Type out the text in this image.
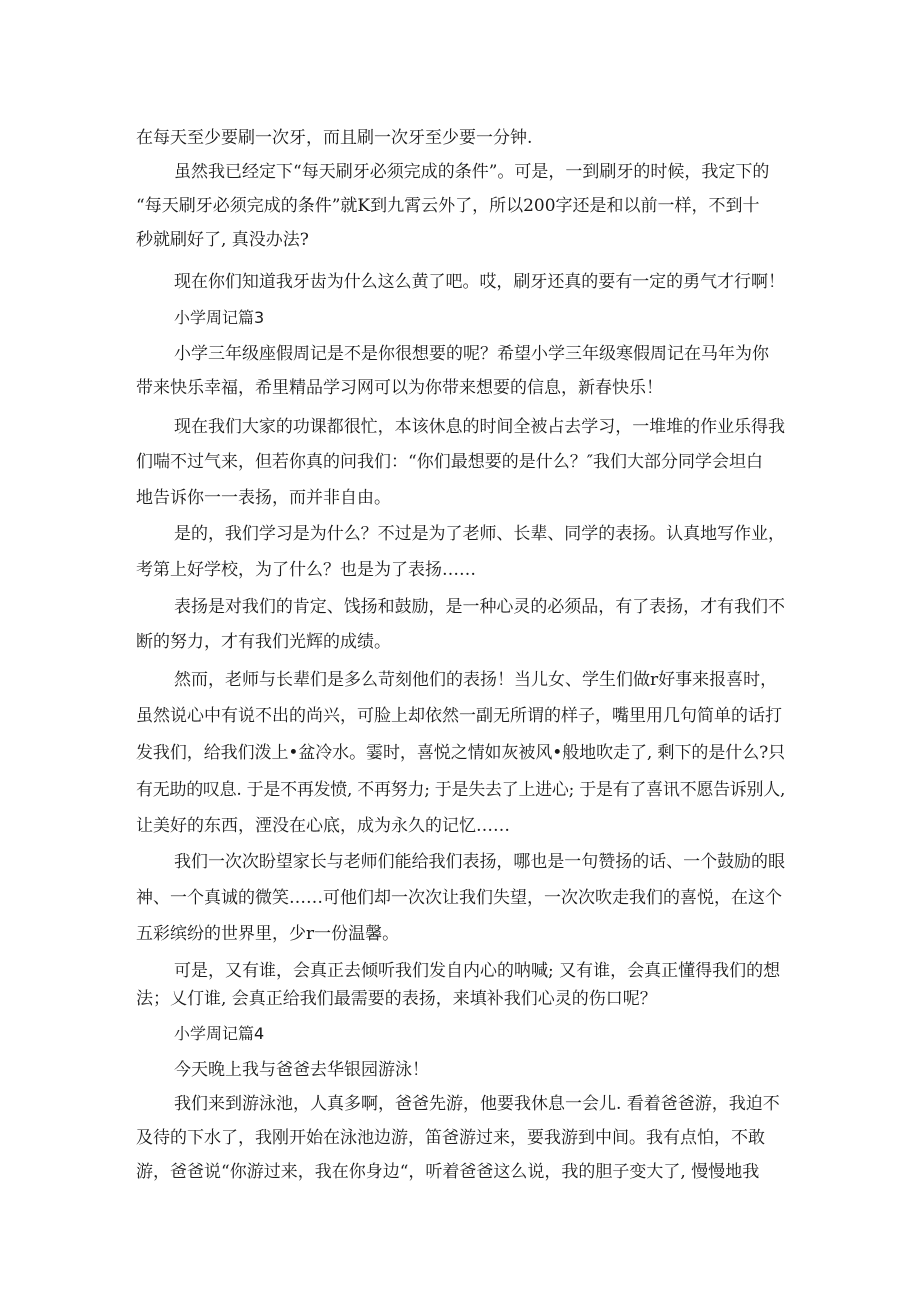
在每天至少要刷一次牙，而且刷一次牙至少要一分钟.
虽然我已经定下“每天刷牙必须完成的条件”。可是，一到刷牙的时候，我定下的
“每天刷牙必须完成的条件”就K到九霄云外了，所以200字还是和以前一样，不到十
秒就刷好了, 真没办法?
现在你们知道我牙齿为什么这么黄了吧。哎，刷牙还真的要有一定的勇气才行啊！
小学周记篇3
小学三年级座假周记是不是你很想要的呢？希望小学三年级寒假周记在马年为你
带来快乐幸福，希里精品学习网可以为你带来想要的信息，新春快乐！
现在我们大家的功课都很忙，本该休息的时间全被占去学习，一堆堆的作业乐得我
们喘不过气来，但若你真的问我们：“你们最想要的是什么？″我们大部分同学会坦白
地告诉你一一表扬，而并非自由。
是的，我们学习是为什么？不过是为了老师、长辈、同学的表扬。认真地写作业，
考第上好学校，为了什么？也是为了表扬……
表扬是对我们的肯定、饯扬和鼓励，是一种心灵的必须品，有了表扬，才有我们不
断的努力，才有我们光辉的成绩。
然而，老师与长辈们是多么苛刻他们的表扬！当儿女、学生们做r好事来报喜时，
虽然说心中有说不出的尚兴，可脸上却依然一副无所谓的样子，嘴里用几句简单的话打
发我们，给我们泼上•盆冷水。霎时，喜悦之情如灰被风•般地吹走了, 剩下的是什么?只
有无助的叹息. 于是不再发愤, 不再努力; 于是失去了上进心; 于是有了喜讯不愿告诉别人,
让美好的东西，湮没在心底，成为永久的记忆……
我们一次次盼望家长与老师们能给我们表扬，哪也是一句赞扬的话、一个鼓励的眼
神、一个真诚的微笑……可他们却一次次让我们失望，一次次吹走我们的喜悦，在这个
五彩缤纷的世界里，少r一份温馨。
可是，又有谁，会真正去倾听我们发自内心的呐喊; 又有谁，会真正懂得我们的想
法；乂仃谁, 会真正给我们最需要的表扬，来填补我们心灵的伤口呢？
小学周记篇4
今天晚上我与爸爸去华银园游泳！
我们来到游泳池，人真多啊，爸爸先游，他要我休息一会儿. 看着爸爸游，我迫不
及待的下水了，我刚开始在泳池边游，笛爸游过来，要我游到中间。我有点怕，不敢
游，爸爸说“你游过来，我在你身边“，听着爸爸这么说，我的胆子变大了, 慢慢地我
